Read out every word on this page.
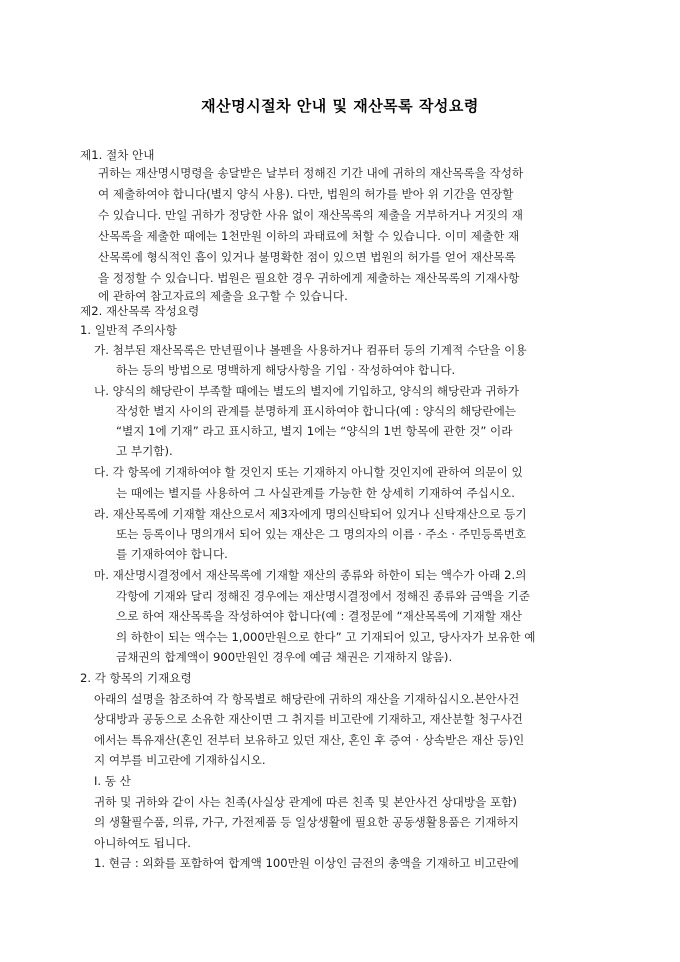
재산명시절차 안내 및 재산목록 작성요령
제1. 절차 안내
귀하는 재산명시명령을 송달받은 날부터 정해진 기간 내에 귀하의 재산목록을 작성하
여 제출하여야 합니다(별지 양식 사용). 다만, 법원의 허가를 받아 위 기간을 연장할
수 있습니다. 만일 귀하가 정당한 사유 없이 재산목록의 제출을 거부하거나 거짓의 재
산목록을 제출한 때에는 1천만원 이하의 과태료에 처할 수 있습니다. 이미 제출한 재
산목록에 형식적인 흠이 있거나 불명확한 점이 있으면 법원의 허가를 얻어 재산목록
을 정정할 수 있습니다. 법원은 필요한 경우 귀하에게 제출하는 재산목록의 기재사항
에 관하여 참고자료의 제출을 요구할 수 있습니다.
제2. 재산목록 작성요령
1. 일반적 주의사항
가. 첨부된 재산목록은 만년필이나 볼펜을 사용하거나 컴퓨터 등의 기계적 수단을 이용
하는 등의 방법으로 명백하게 해당사항을 기입 · 작성하여야 합니다.
나. 양식의 해당란이 부족할 때에는 별도의 별지에 기입하고, 양식의 해당란과 귀하가
작성한 별지 사이의 관계를 분명하게 표시하여야 합니다(예 : 양식의 해당란에는
“별지 1에 기재” 라고 표시하고, 별지 1에는 “양식의 1번 항목에 관한 것” 이라
고 부기함).
다. 각 항목에 기재하여야 할 것인지 또는 기재하지 아니할 것인지에 관하여 의문이 있
는 때에는 별지를 사용하여 그 사실관계를 가능한 한 상세히 기재하여 주십시오.
라. 재산목록에 기재할 재산으로서 제3자에게 명의신탁되어 있거나 신탁재산으로 등기
또는 등록이나 명의개서 되어 있는 재산은 그 명의자의 이름 · 주소 · 주민등록번호
를 기재하여야 합니다.
마. 재산명시결정에서 재산목록에 기재할 재산의 종류와 하한이 되는 액수가 아래 2.의
각항에 기재와 달리 정해진 경우에는 재산명시결정에서 정해진 종류와 금액을 기준
으로 하여 재산목록을 작성하여야 합니다(예 : 결정문에 “재산목록에 기재할 재산
의 하한이 되는 액수는 1,000만원으로 한다” 고 기재되어 있고, 당사자가 보유한 예
금채권의 합계액이 900만원인 경우에 예금 채권은 기재하지 않음).
2. 각 항목의 기재요령
아래의 설명을 참조하여 각 항목별로 해당란에 귀하의 재산을 기재하십시오.본안사건
상대방과 공동으로 소유한 재산이면 그 취지를 비고란에 기재하고, 재산분할 청구사건
에서는 특유재산(혼인 전부터 보유하고 있던 재산, 혼인 후 증여 · 상속받은 재산 등)인
지 여부를 비고란에 기재하십시오.
Ⅰ. 동 산
귀하 및 귀하와 같이 사는 친족(사실상 관계에 따른 친족 및 본안사건 상대방을 포함)
의 생활필수품, 의류, 가구, 가전제품 등 일상생활에 필요한 공동생활용품은 기재하지
아니하여도 됩니다.
1. 현금 : 외화를 포함하여 합계액 100만원 이상인 금전의 총액을 기재하고 비고란에
